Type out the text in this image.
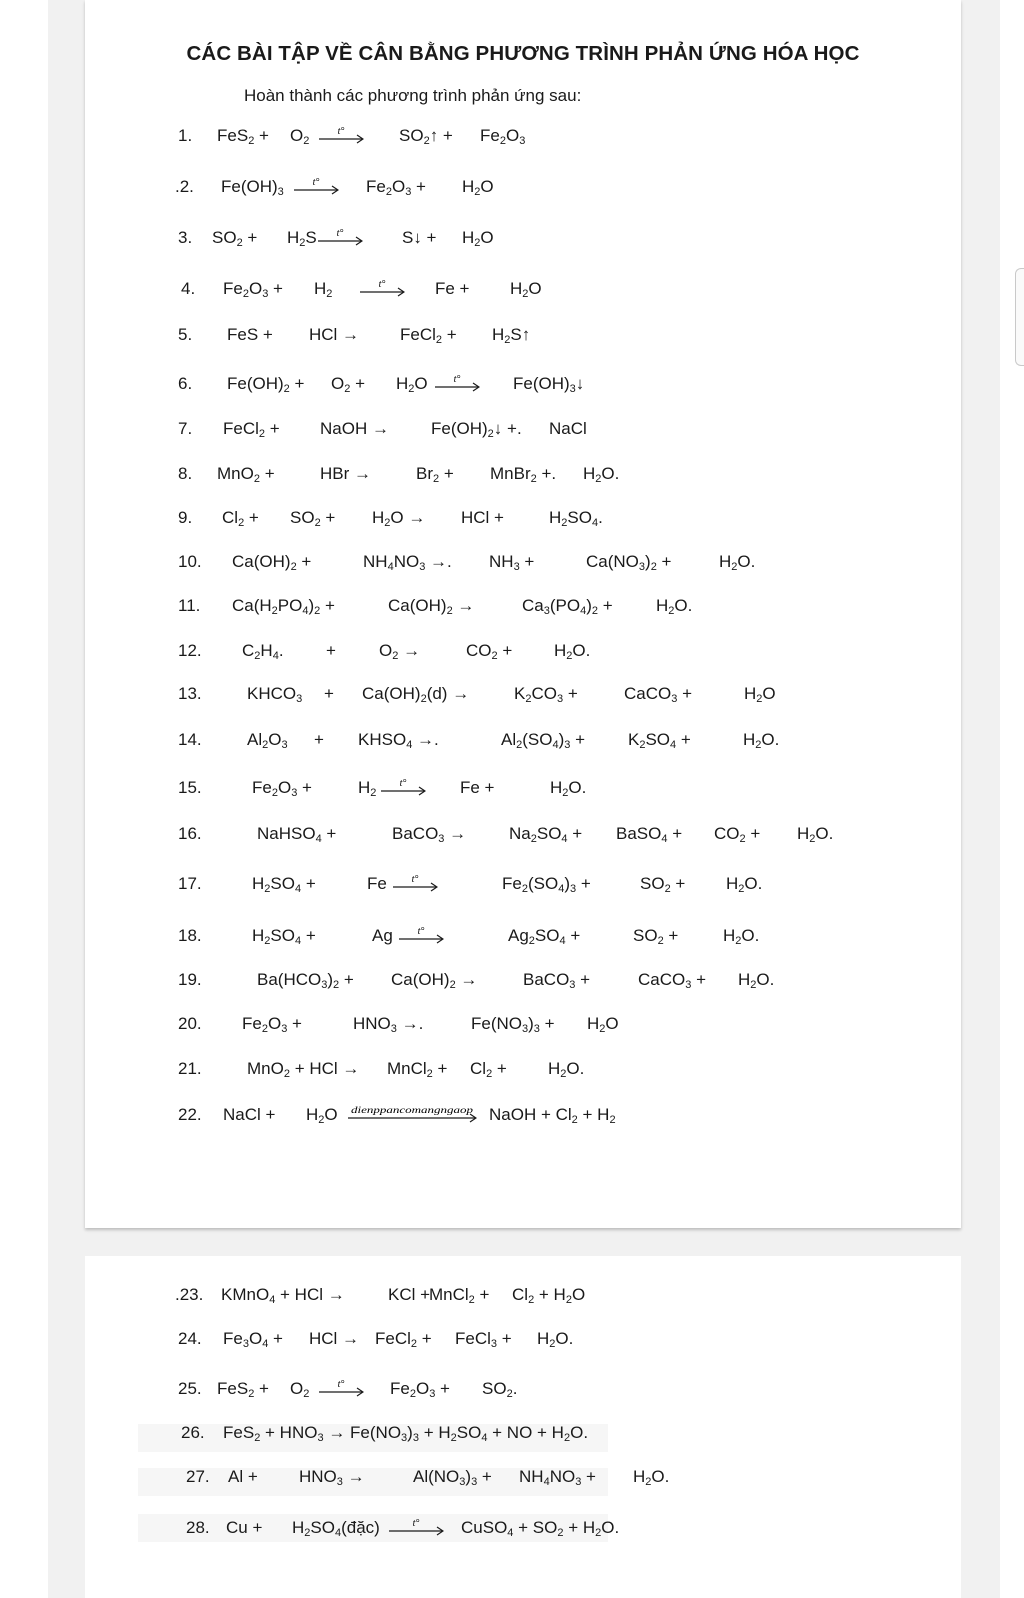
CÁC BÀI TẬP VỀ CÂN BẰNG PHƯƠNG TRÌNH PHẢN ỨNG HÓA HỌC
Hoàn thành các phương trình phản ứng sau:
1. $FeS_2 + O_2$	$SO_2↑ + Fe_2O_3$
t°
.2. $Fe(OH)_3$	$Fe_2O_3 + H_2O$
t°
3. $SO_2 + H_2S$	S↓ + $H_2O$
t°
4. $Fe_2O_3 + H_2$	$Fe + H_2O$
t°
5. FeS + HCl → FeCl$_2$ + $H_2S↑$
6. $Fe(OH)_2 + O_2 + H_2O$	$Fe(OH)_3↓$
t°
7. FeCl$_2$ + NaOH → $Fe(OH)_2↓$ +. NaCl
8. MnO$_2$ +	HBr →	$Br_2$ + MnBr$_2$ +. $H_2O$.
9. $Cl_2 + SO_2 + H_2O$ → HCl +	$H_2SO_4$.
10. $Ca(OH)_2$ +	$NH_4NO_3$ →. $NH_3$ +	$Ca(NO_3)_2$ +	$H_2O$.
11. $Ca(H_2PO_4)_2$ +	$Ca(OH)_2$ →	$Ca_3(PO_4)_2$ +	$H_2O$.
12. $C_2H_4$. +	$O_2$ →	$CO_2 + H_2O$.
13.	$KHCO_3 + Ca(OH)_2(d)$ →	$K_2CO_3$ +	CaCO$_3$ +	$H_2O$
14.	$Al_2O_3$ + $KHSO_4$ →.	$Al_2(SO_4)_3$ +	$K_2SO_4$ +	$H_2O$.
15.	$Fe_2O_3$ +	$H_2$	Fe +	$H_2O$.
t°
16.	NaHSO$_4$ +	BaCO$_3$ →	$Na_2SO_4$ + BaSO$_4$ + $CO_2 + H_2O$.
17.	$H_2SO_4$ +	Fe	$Fe_2(SO_4)_3$ +	$SO_2 + H_2O$.
t°
18.	$H_2SO_4$ +	Ag	$Ag_2SO_4$ +	$SO_2$ +	$H_2O$.
t°
19.	$Ba(HCO_3)_2 + Ca(OH)_2$ →	BaCO$_3$ +	CaCO$_3$ + $H_2O$.
20. $Fe_2O_3$ +	$HNO_3$ →.	$Fe(NO_3)_3 + H_2O$
21.	MnO$_2$ + HCl → MnCl$_2$ + $Cl_2 + H_2O$.
22. NaCl + $H_2O$	NaOH + $Cl_2 + H_2$
dienppancomangngaop
.23. KMnO$_4$ + HCl →	KCl +
MnCl$_2$ + $Cl_2 + H_2O$
24. $Fe_3O_4$ + HCl → FeCl$_2$ + FeCl$_3$ + $H_2O$.
25. $FeS_2 + O_2$	$Fe_2O_3 + SO_2$.
t°
26. $FeS_2 + HNO_3 \to Fe(NO_3)_3 + H_2SO_4$ + NO + $H_2O$.
27. $Al + HNO_3$ →	$Al(NO_3)_3 + NH_4NO_3 + H_2O$.
28. $Cu + H_2SO_4(đặc)$	CuSO$_4$ + $SO_2 + H_2O$.
t°
